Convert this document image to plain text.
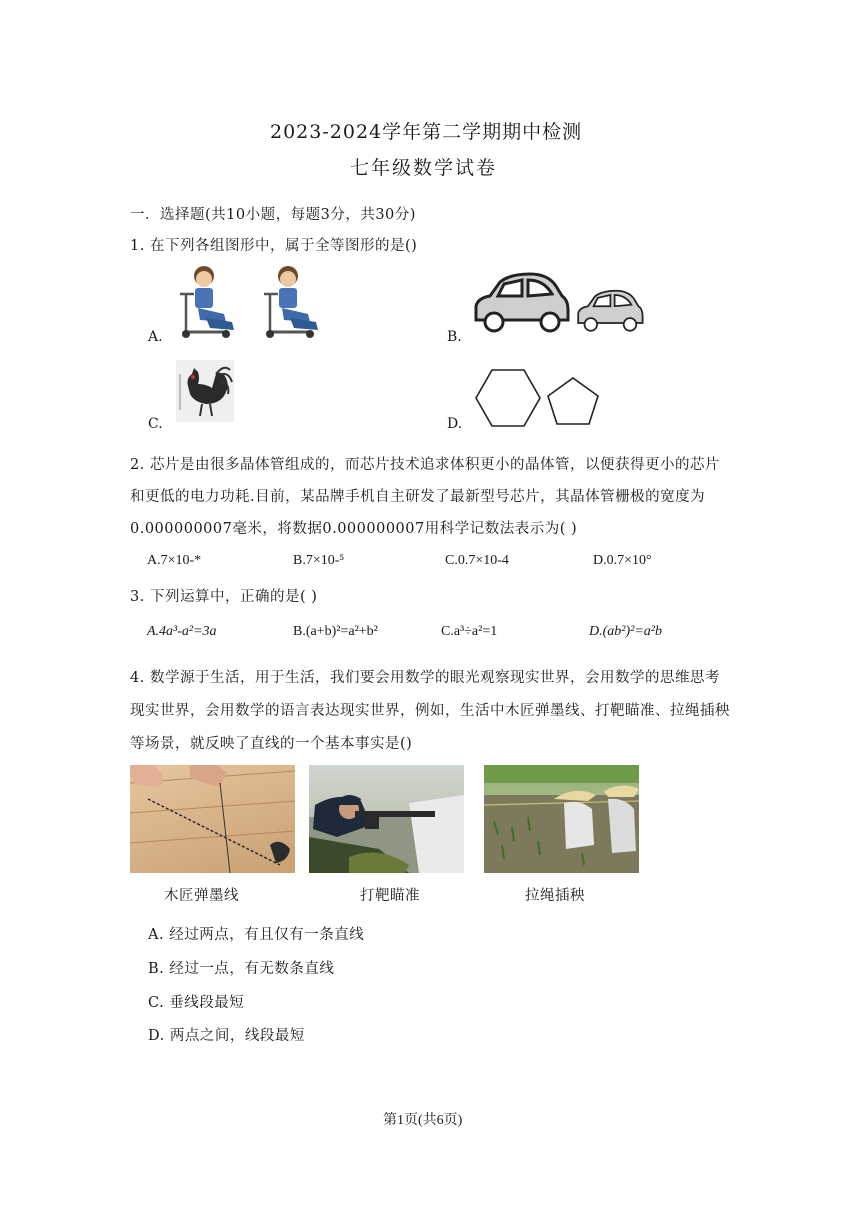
2023-2024学年第二学期期中检测
七年级数学试卷
一．选择题(共10小题，每题3分，共30分)
1. 在下列各组图形中，属于全等图形的是()
A.	B.
C.	D.
2. 芯片是由很多晶体管组成的，而芯片技术追求体积更小的晶体管，以便获得更小的芯片
和更低的电力功耗.目前，某品牌手机自主研发了最新型号芯片，其晶体管栅极的宽度为
0.000000007毫米，将数据0.000000007用科学记数法表示为( )
A.7×10-*	B.7×10-⁵	C.0.7×10-4	D.0.7×10°
3. 下列运算中，正确的是( )
A.4a³-a²=3a	B.(a+b)²=a²+b²	C.a³÷a²=1	D.(ab²)²=a²b
4. 数学源于生活，用于生活，我们要会用数学的眼光观察现实世界，会用数学的思维思考
现实世界，会用数学的语言表达现实世界，例如，生活中木匠弹墨线、打靶瞄准、拉绳插秧
等场景，就反映了直线的一个基本事实是()
木匠弹墨线	打靶瞄准	拉绳插秧
A. 经过两点，有且仅有一条直线
B. 经过一点，有无数条直线
C. 垂线段最短
D. 两点之间，线段最短
第1页(共6页)
